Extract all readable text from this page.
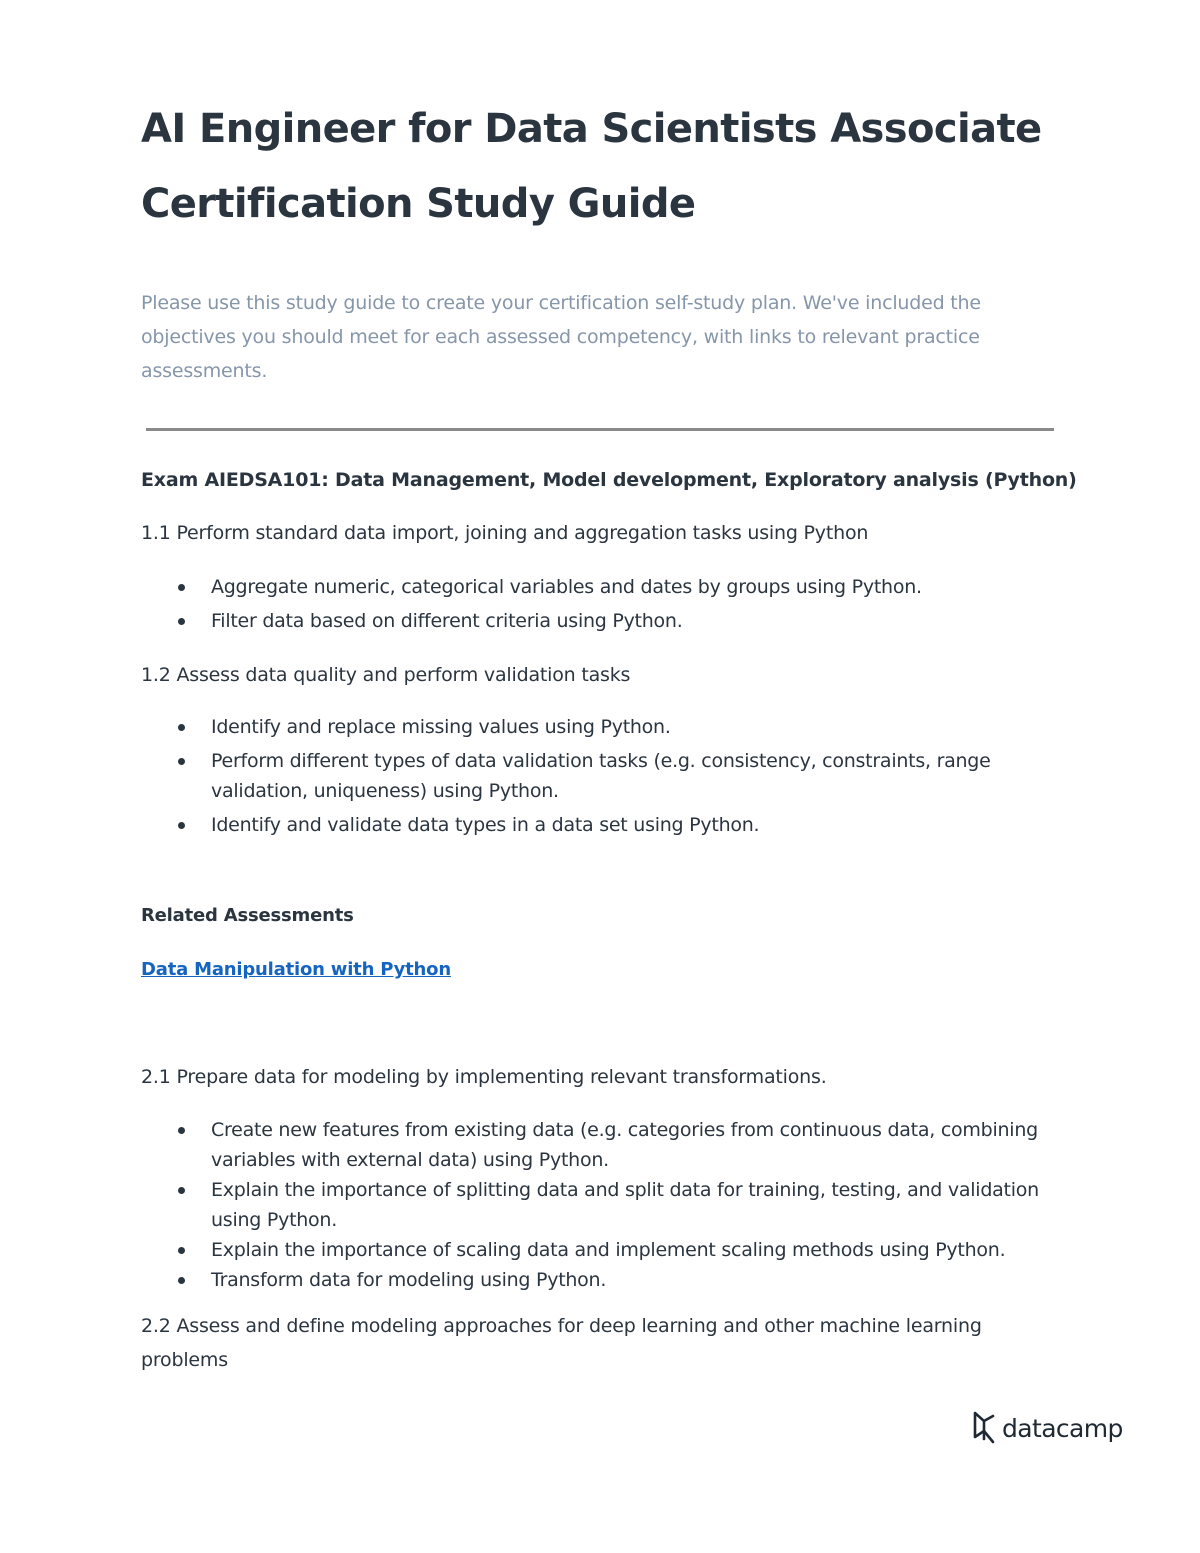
AI Engineer for Data Scientists Associate
Certification Study Guide

Please use this study guide to create your certification self-study plan. We've included the
objectives you should meet for each assessed competency, with links to relevant practice
assessments.

Exam AIEDSA101: Data Management, Model development, Exploratory analysis (Python)

1.1 Perform standard data import, joining and aggregation tasks using Python

Aggregate numeric, categorical variables and dates by groups using Python.
Filter data based on different criteria using Python.

1.2 Assess data quality and perform validation tasks

Identify and replace missing values using Python.
Perform different types of data validation tasks (e.g. consistency, constraints, range validation, uniqueness) using Python.
Identify and validate data types in a data set using Python.

Related Assessments

Data Manipulation with Python

2.1 Prepare data for modeling by implementing relevant transformations.

Create new features from existing data (e.g. categories from continuous data, combining variables with external data) using Python.
Explain the importance of splitting data and split data for training, testing, and validation using Python.
Explain the importance of scaling data and implement scaling methods using Python.
Transform data for modeling using Python.

2.2 Assess and define modeling approaches for deep learning and other machine learning
problems

datacamp
